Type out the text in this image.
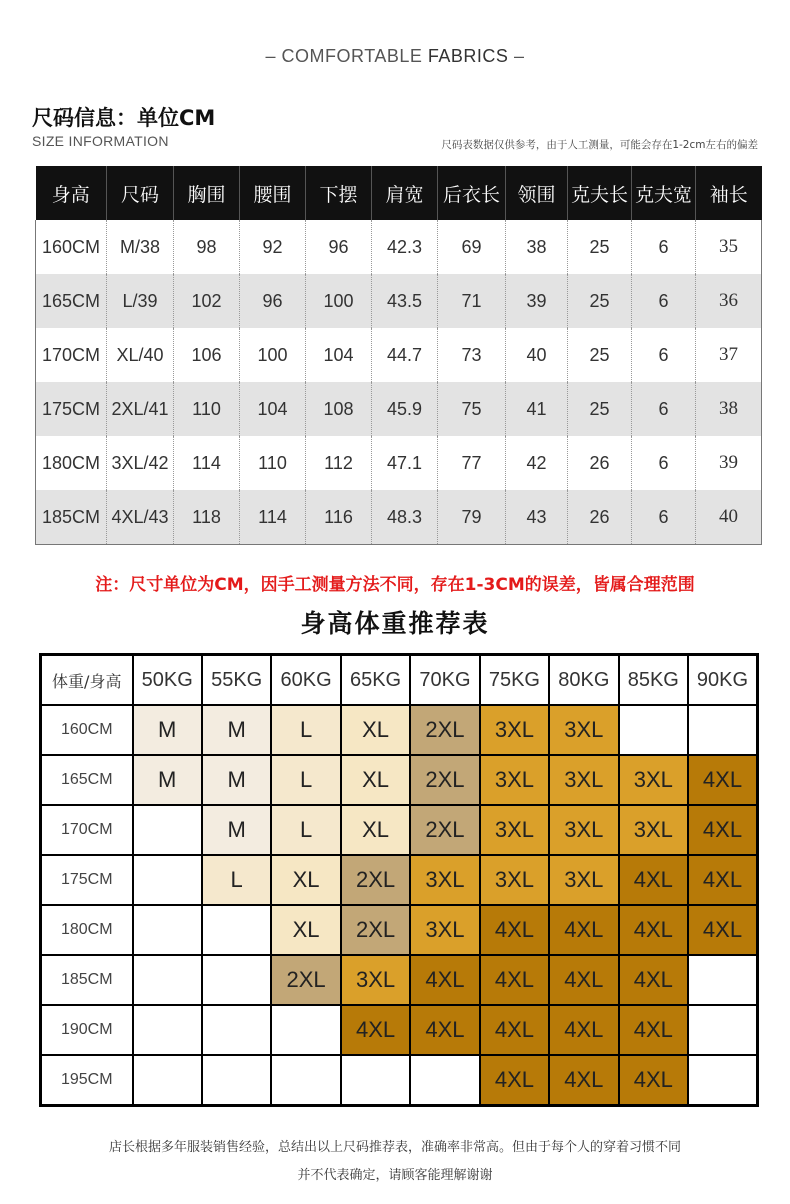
– COMFORTABLE FABRICS –
尺码信息：单位CM
SIZE INFORMATION	尺码表数据仅供参考，由于人工测量，可能会存在1-2cm左右的偏差
身高	尺码	胸围	腰围	下摆	肩宽	后衣长	领围	克夫长	克夫宽	袖长
160CM	M/38	98	92	96	42.3	69	38	25	6	35
165CM	L/39	102	96	100	43.5	71	39	25	6	36
170CM	XL/40	106	100	104	44.7	73	40	25	6	37
175CM	2XL/41	110	104	108	45.9	75	41	25	6	38
180CM	3XL/42	114	110	112	47.1	77	42	26	6	39
185CM	4XL/43	118	114	116	48.3	79	43	26	6	40
注：尺寸单位为CM，因手工测量方法不同，存在1-3CM的误差，皆属合理范围
身高体重推荐表
体重/身高	50KG	55KG	60KG	65KG	70KG	75KG	80KG	85KG	90KG
160CM	M	M	L	XL	2XL	3XL	3XL		
165CM	M	M	L	XL	2XL	3XL	3XL	3XL	4XL
170CM		M	L	XL	2XL	3XL	3XL	3XL	4XL
175CM		L	XL	2XL	3XL	3XL	3XL	4XL	4XL
180CM			XL	2XL	3XL	4XL	4XL	4XL	4XL
185CM			2XL	3XL	4XL	4XL	4XL	4XL	
190CM				4XL	4XL	4XL	4XL	4XL	
195CM						4XL	4XL	4XL	
店长根据多年服装销售经验，总结出以上尺码推荐表，准确率非常高。但由于每个人的穿着习惯不同
并不代表确定，请顾客能理解谢谢
